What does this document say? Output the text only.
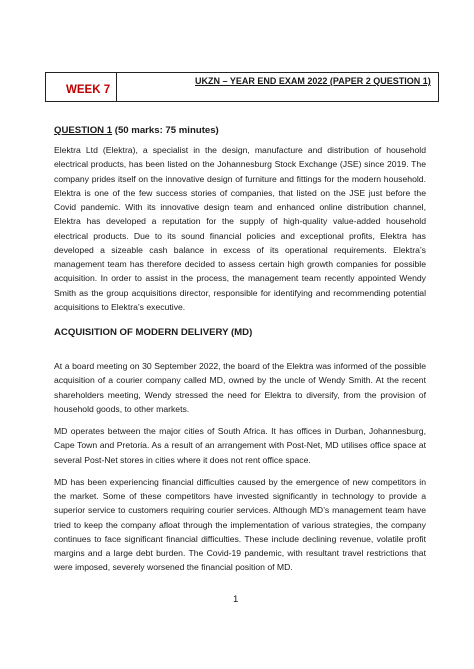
WEEK 7
UKZN – YEAR END EXAM 2022 (PAPER 2 QUESTION 1)

QUESTION 1 (50 marks: 75 minutes)

Elektra Ltd (Elektra), a specialist in the design, manufacture and distribution of household electrical products, has been listed on the Johannesburg Stock Exchange (JSE) since 2019. The company prides itself on the innovative design of furniture and fittings for the modern household. Elektra is one of the few success stories of companies, that listed on the JSE just before the Covid pandemic. With its innovative design team and enhanced online distribution channel, Elektra has developed a reputation for the supply of high-quality value-added household electrical products. Due to its sound financial policies and exceptional profits, Elektra has developed a sizeable cash balance in excess of its operational requirements. Elektra’s management team has therefore decided to assess certain high growth companies for possible acquisition. In order to assist in the process, the management team recently appointed Wendy Smith as the group acquisitions director, responsible for identifying and recommending potential acquisitions to Elektra’s executive.

ACQUISITION OF MODERN DELIVERY (MD)

At a board meeting on 30 September 2022, the board of the Elektra was informed of the possible acquisition of a courier company called MD, owned by the uncle of Wendy Smith. At the recent shareholders meeting, Wendy stressed the need for Elektra to diversify, from the provision of household goods, to other markets.

MD operates between the major cities of South Africa. It has offices in Durban, Johannesburg, Cape Town and Pretoria. As a result of an arrangement with Post-Net, MD utilises office space at several Post-Net stores in cities where it does not rent office space.

MD has been experiencing financial difficulties caused by the emergence of new competitors in the market. Some of these competitors have invested significantly in technology to provide a superior service to customers requiring courier services. Although MD’s management team have tried to keep the company afloat through the implementation of various strategies, the company continues to face significant financial difficulties. These include declining revenue, volatile profit margins and a large debt burden. The Covid-19 pandemic, with resultant travel restrictions that were imposed, severely worsened the financial position of MD.

1
